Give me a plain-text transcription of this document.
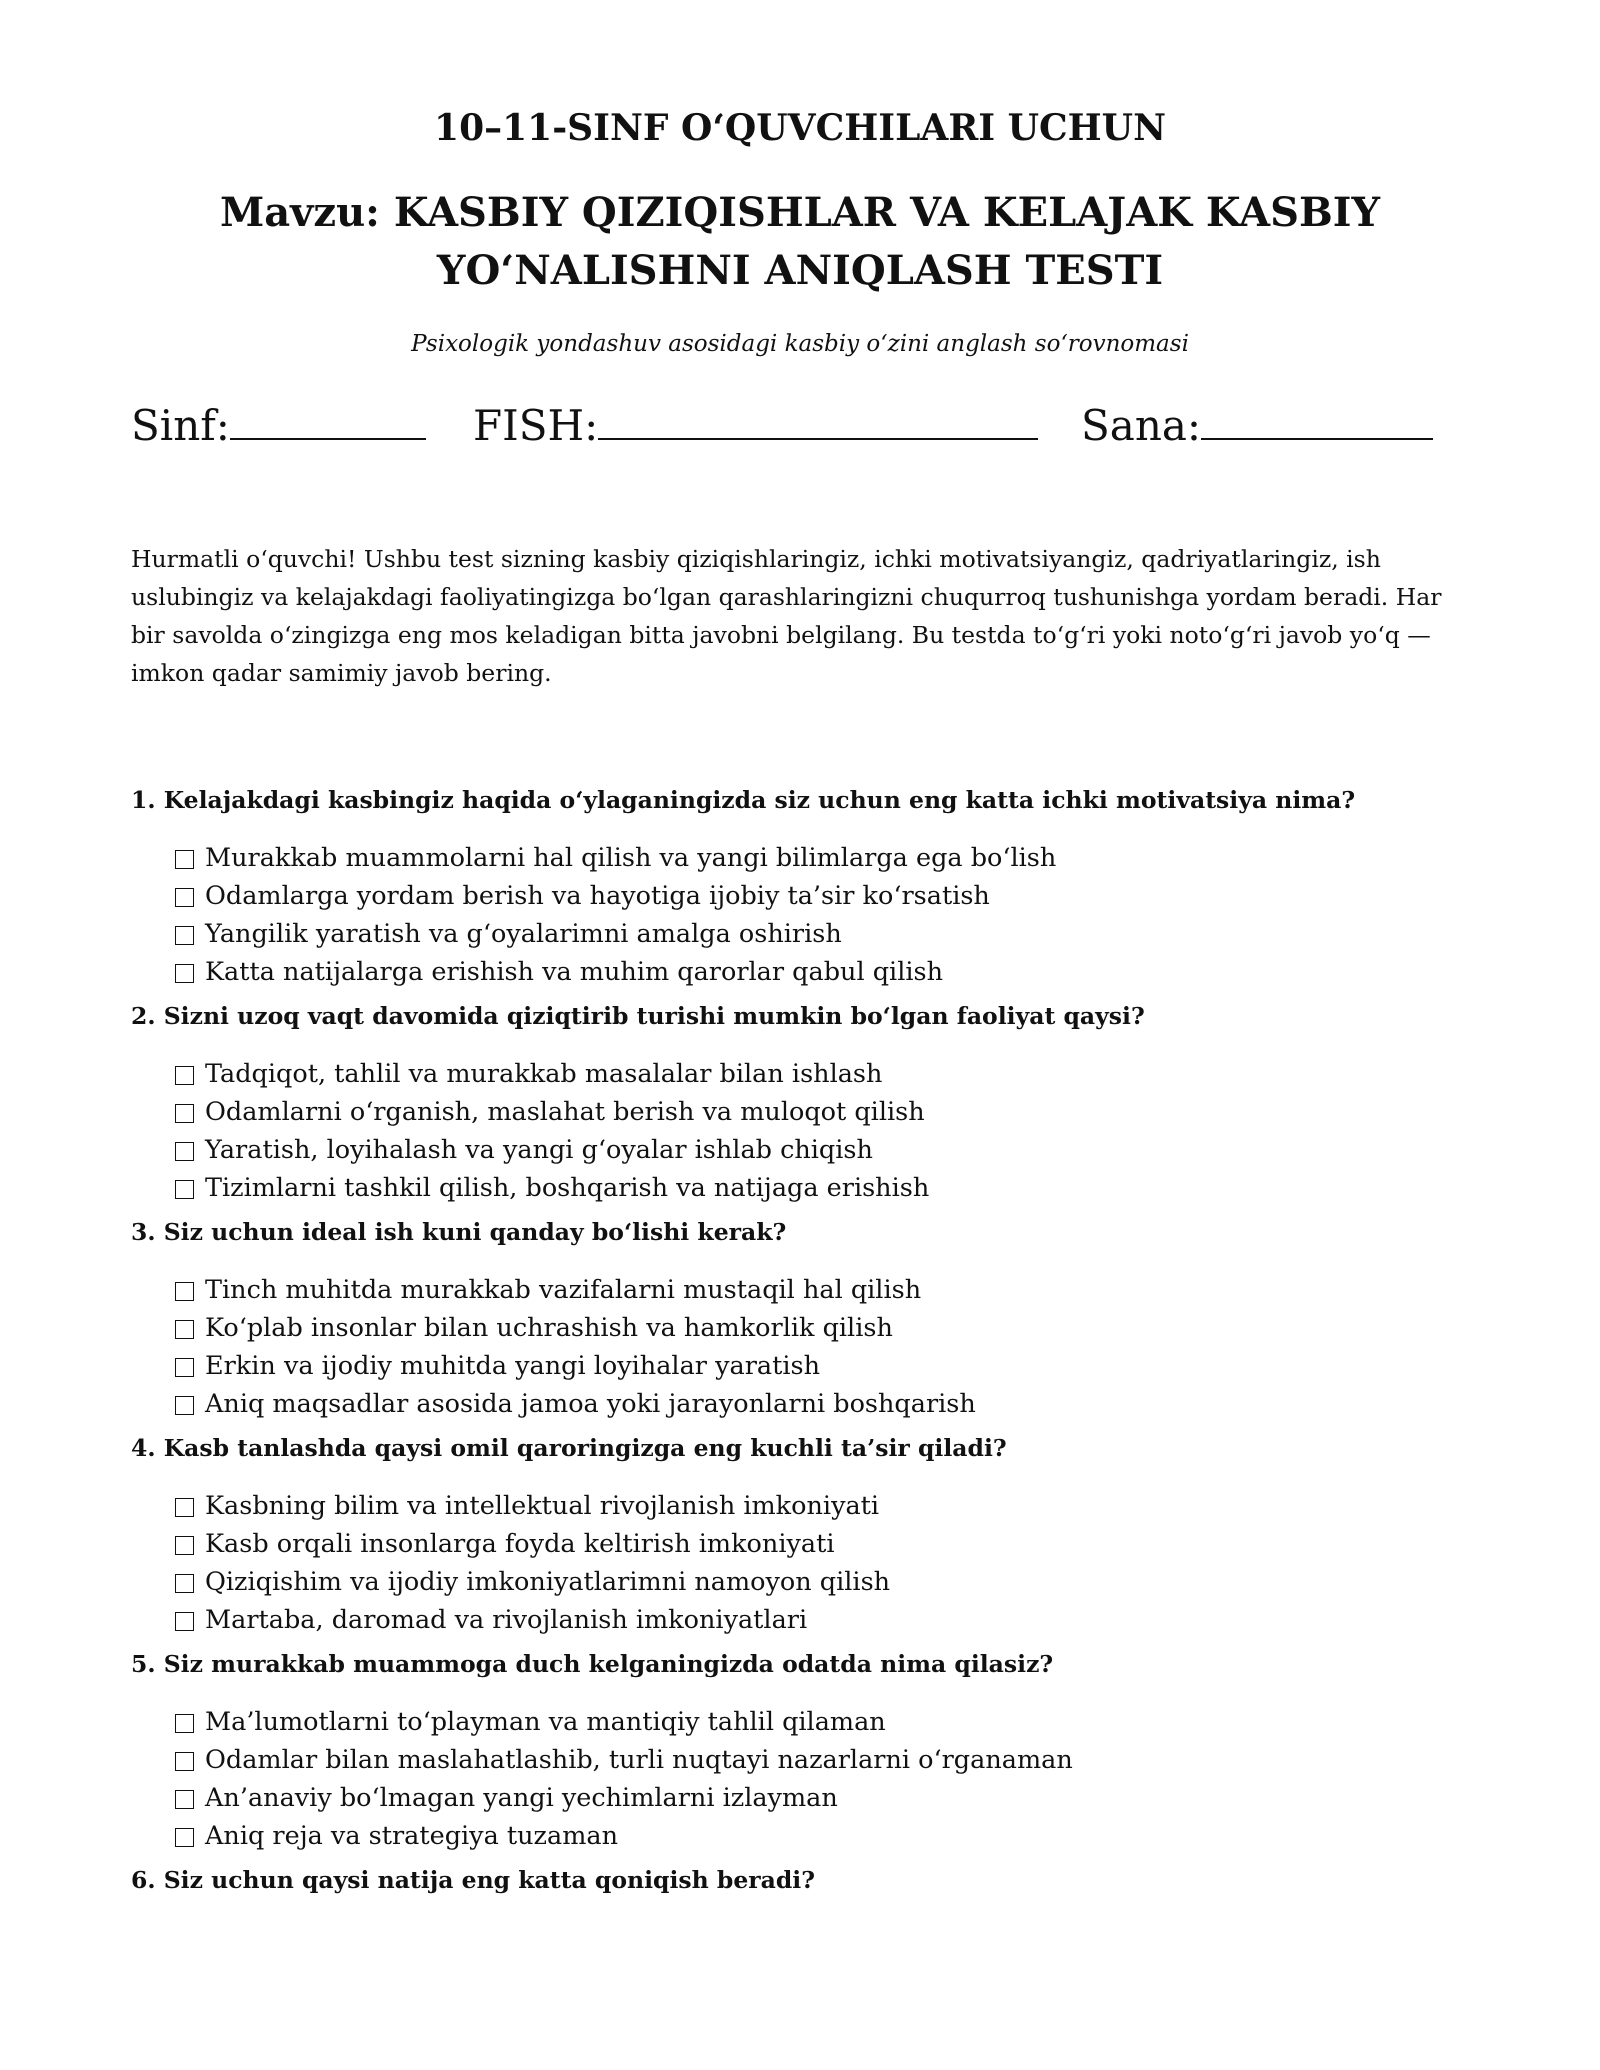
10–11-SINF O‘QUVCHILARI UCHUN
Mavzu: KASBIY QIZIQISHLAR VA KELAJAK KASBIY YO‘NALISHNI ANIQLASH TESTI
Psixologik yondashuv asosidagi kasbiy o‘zini anglash so‘rovnomasi
Sinf:	FISH:	Sana:
Hurmatli o‘quvchi! Ushbu test sizning kasbiy qiziqishlaringiz, ichki motivatsiyangiz, qadriyatlaringiz, ish uslubingiz va kelajakdagi faoliyatingizga bo‘lgan qarashlaringizni chuqurroq tushunishga yordam beradi. Har bir savolda o‘zingizga eng mos keladigan bitta javobni belgilang. Bu testda to‘g‘ri yoki noto‘g‘ri javob yo‘q — imkon qadar samimiy javob bering.

1. Kelajakdagi kasbingiz haqida o‘ylaganingizda siz uchun eng katta ichki motivatsiya nima?

Murakkab muammolarni hal qilish va yangi bilimlarga ega bo‘lish
Odamlarga yordam berish va hayotiga ijobiy ta’sir ko‘rsatish
Yangilik yaratish va g‘oyalarimni amalga oshirish
Katta natijalarga erishish va muhim qarorlar qabul qilish

2. Sizni uzoq vaqt davomida qiziqtirib turishi mumkin bo‘lgan faoliyat qaysi?

Tadqiqot, tahlil va murakkab masalalar bilan ishlash
Odamlarni o‘rganish, maslahat berish va muloqot qilish
Yaratish, loyihalash va yangi g‘oyalar ishlab chiqish
Tizimlarni tashkil qilish, boshqarish va natijaga erishish

3. Siz uchun ideal ish kuni qanday bo‘lishi kerak?

Tinch muhitda murakkab vazifalarni mustaqil hal qilish
Ko‘plab insonlar bilan uchrashish va hamkorlik qilish
Erkin va ijodiy muhitda yangi loyihalar yaratish
Aniq maqsadlar asosida jamoa yoki jarayonlarni boshqarish

4. Kasb tanlashda qaysi omil qaroringizga eng kuchli ta’sir qiladi?

Kasbning bilim va intellektual rivojlanish imkoniyati
Kasb orqali insonlarga foyda keltirish imkoniyati
Qiziqishim va ijodiy imkoniyatlarimni namoyon qilish
Martaba, daromad va rivojlanish imkoniyatlari

5. Siz murakkab muammoga duch kelganingizda odatda nima qilasiz?

Ma’lumotlarni to‘playman va mantiqiy tahlil qilaman
Odamlar bilan maslahatlashib, turli nuqtayi nazarlarni o‘rganaman
An’anaviy bo‘lmagan yangi yechimlarni izlayman
Aniq reja va strategiya tuzaman

6. Siz uchun qaysi natija eng katta qoniqish beradi?
